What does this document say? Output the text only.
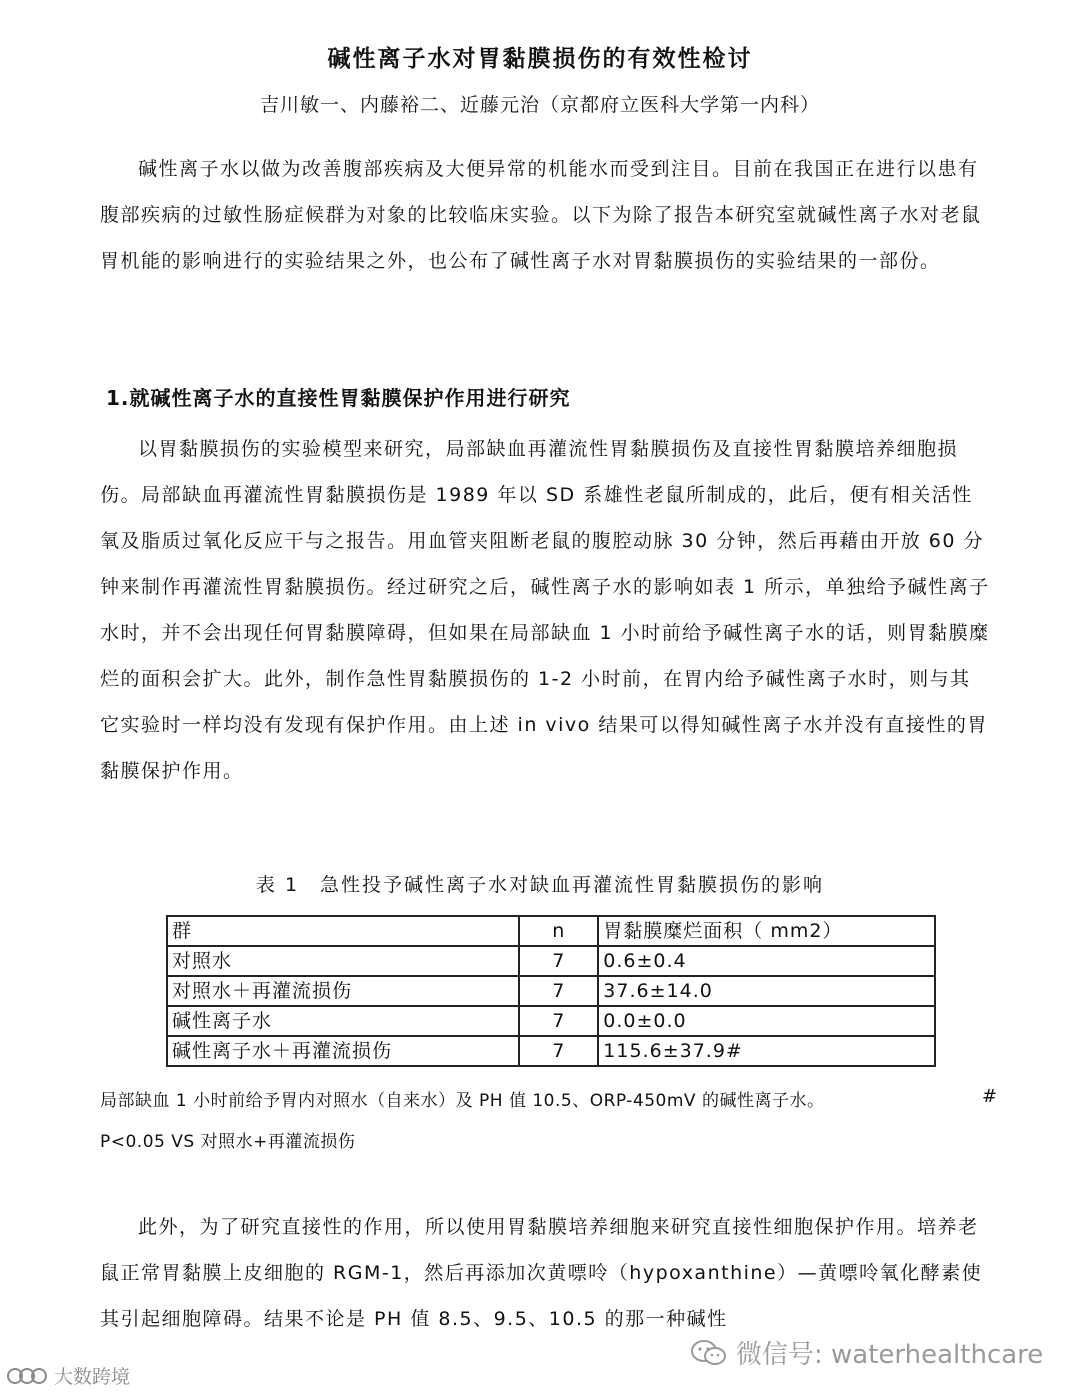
碱性离子水对胃黏膜损伤的有效性检讨
吉川敏一、内藤裕二、近藤元治（京都府立医科大学第一内科）

碱性离子水以做为改善腹部疾病及大便异常的机能水而受到注目。目前在我国正在进行以患有腹部疾病的过敏性肠症候群为对象的比较临床实验。以下为除了报告本研究室就碱性离子水对老鼠胃机能的影响进行的实验结果之外，也公布了碱性离子水对胃黏膜损伤的实验结果的一部份。

1.就碱性离子水的直接性胃黏膜保护作用进行研究

以胃黏膜损伤的实验模型来研究，局部缺血再灌流性胃黏膜损伤及直接性胃黏膜培养细胞损伤。局部缺血再灌流性胃黏膜损伤是 1989 年以 SD 系雄性老鼠所制成的，此后，便有相关活性氧及脂质过氧化反应干与之报告。用血管夹阻断老鼠的腹腔动脉 30 分钟，然后再藉由开放 60 分钟来制作再灌流性胃黏膜损伤。经过研究之后，碱性离子水的影响如表 1 所示，单独给予碱性离子水时，并不会出现任何胃黏膜障碍，但如果在局部缺血 1 小时前给予碱性离子水的话，则胃黏膜糜烂的面积会扩大。此外，制作急性胃黏膜损伤的 1-2 小时前，在胃内给予碱性离子水时，则与其它实验时一样均没有发现有保护作用。由上述 in vivo 结果可以得知碱性离子水并没有直接性的胃黏膜保护作用。

表 1　急性投予碱性离子水对缺血再灌流性胃黏膜损伤的影响
群	n	胃黏膜糜烂面积（ mm2）
对照水	7	0.6±0.4
对照水＋再灌流损伤	7	37.6±14.0
碱性离子水	7	0.0±0.0
碱性离子水＋再灌流损伤	7	115.6±37.9#
局部缺血 1 小时前给予胃内对照水（自来水）及 PH 值 10.5、ORP-450mV 的碱性离子水。	#
P<0.05 VS 对照水+再灌流损伤

此外，为了研究直接性的作用，所以使用胃黏膜培养细胞来研究直接性细胞保护作用。培养老鼠正常胃黏膜上皮细胞的 RGM-1，然后再添加次黄嘌呤（hypoxanthine）—黄嘌呤氧化酵素使其引起细胞障碍。结果不论是 PH 值 8.5、9.5、10.5 的那一种碱性

微信号: waterhealthcare
大数跨境
